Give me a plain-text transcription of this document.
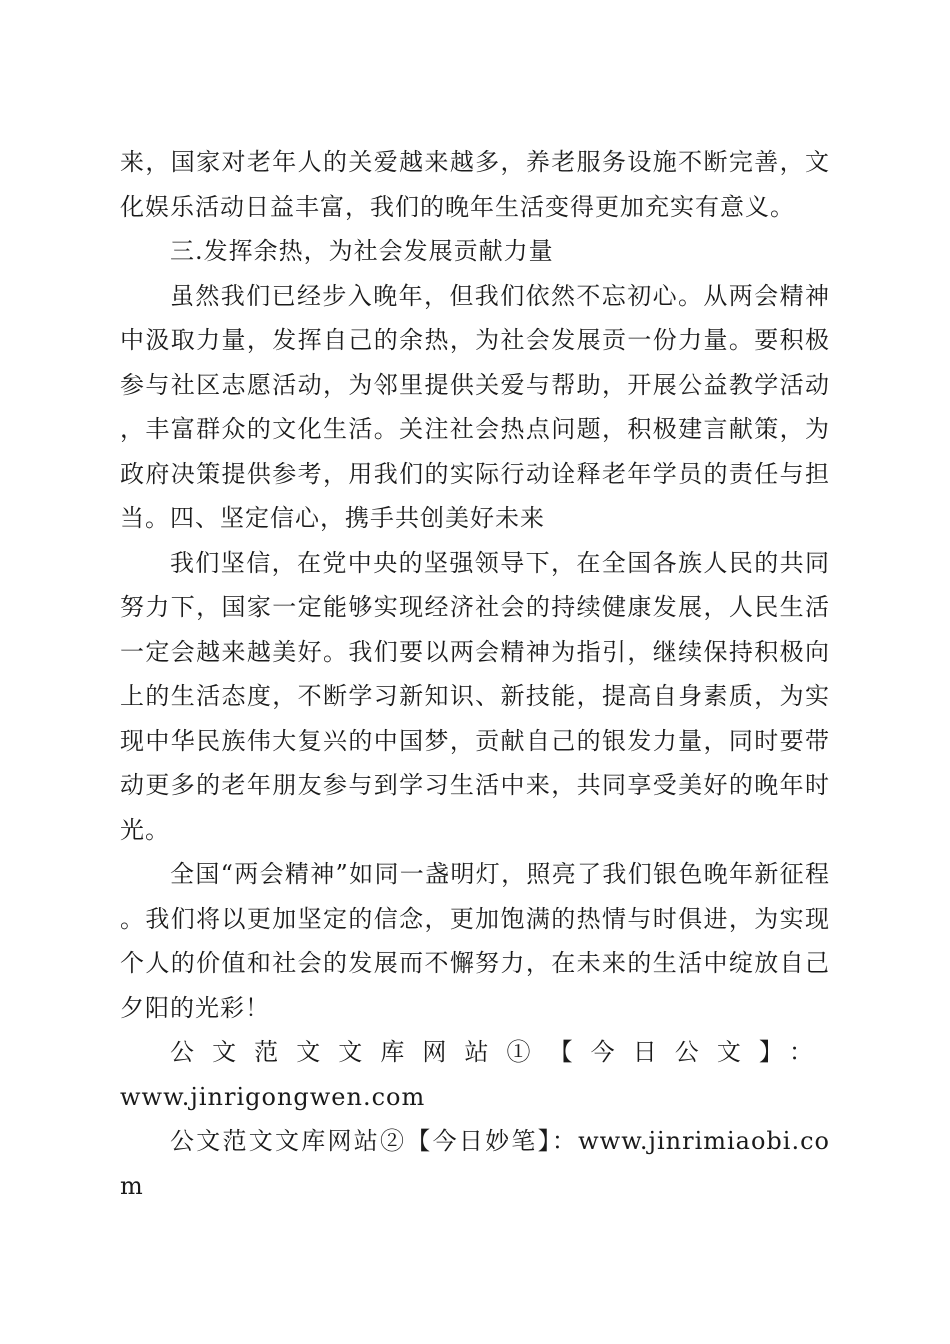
来，国家对老年人的关爱越来越多，养老服务设施不断完善，文化娱乐活动日益丰富，我们的晚年生活变得更加充实有意义。

三.发挥余热，为社会发展贡献力量

虽然我们已经步入晚年，但我们依然不忘初心。从两会精神中汲取力量，发挥自己的余热，为社会发展贡一份力量。要积极参与社区志愿活动，为邻里提供关爱与帮助，开展公益教学活动，丰富群众的文化生活。关注社会热点问题，积极建言献策，为政府决策提供参考，用我们的实际行动诠释老年学员的责任与担当。四、坚定信心，携手共创美好未来

我们坚信，在党中央的坚强领导下，在全国各族人民的共同努力下，国家一定能够实现经济社会的持续健康发展，人民生活一定会越来越美好。我们要以两会精神为指引，继续保持积极向上的生活态度，不断学习新知识、新技能，提高自身素质，为实现中华民族伟大复兴的中国梦，贡献自己的银发力量，同时要带动更多的老年朋友参与到学习生活中来，共同享受美好的晚年时光。

全国“两会精神”如同一盏明灯，照亮了我们银色晚年新征程。我们将以更加坚定的信念，更加饱满的热情与时俱进，为实现个人的价值和社会的发展而不懈努力，在未来的生活中绽放自己夕阳的光彩！

公文范文文库网站①【今日公文】：www.jinrigongwen.com

公文范文文库网站②【今日妙笔】：www.jinrimiaobi.com
